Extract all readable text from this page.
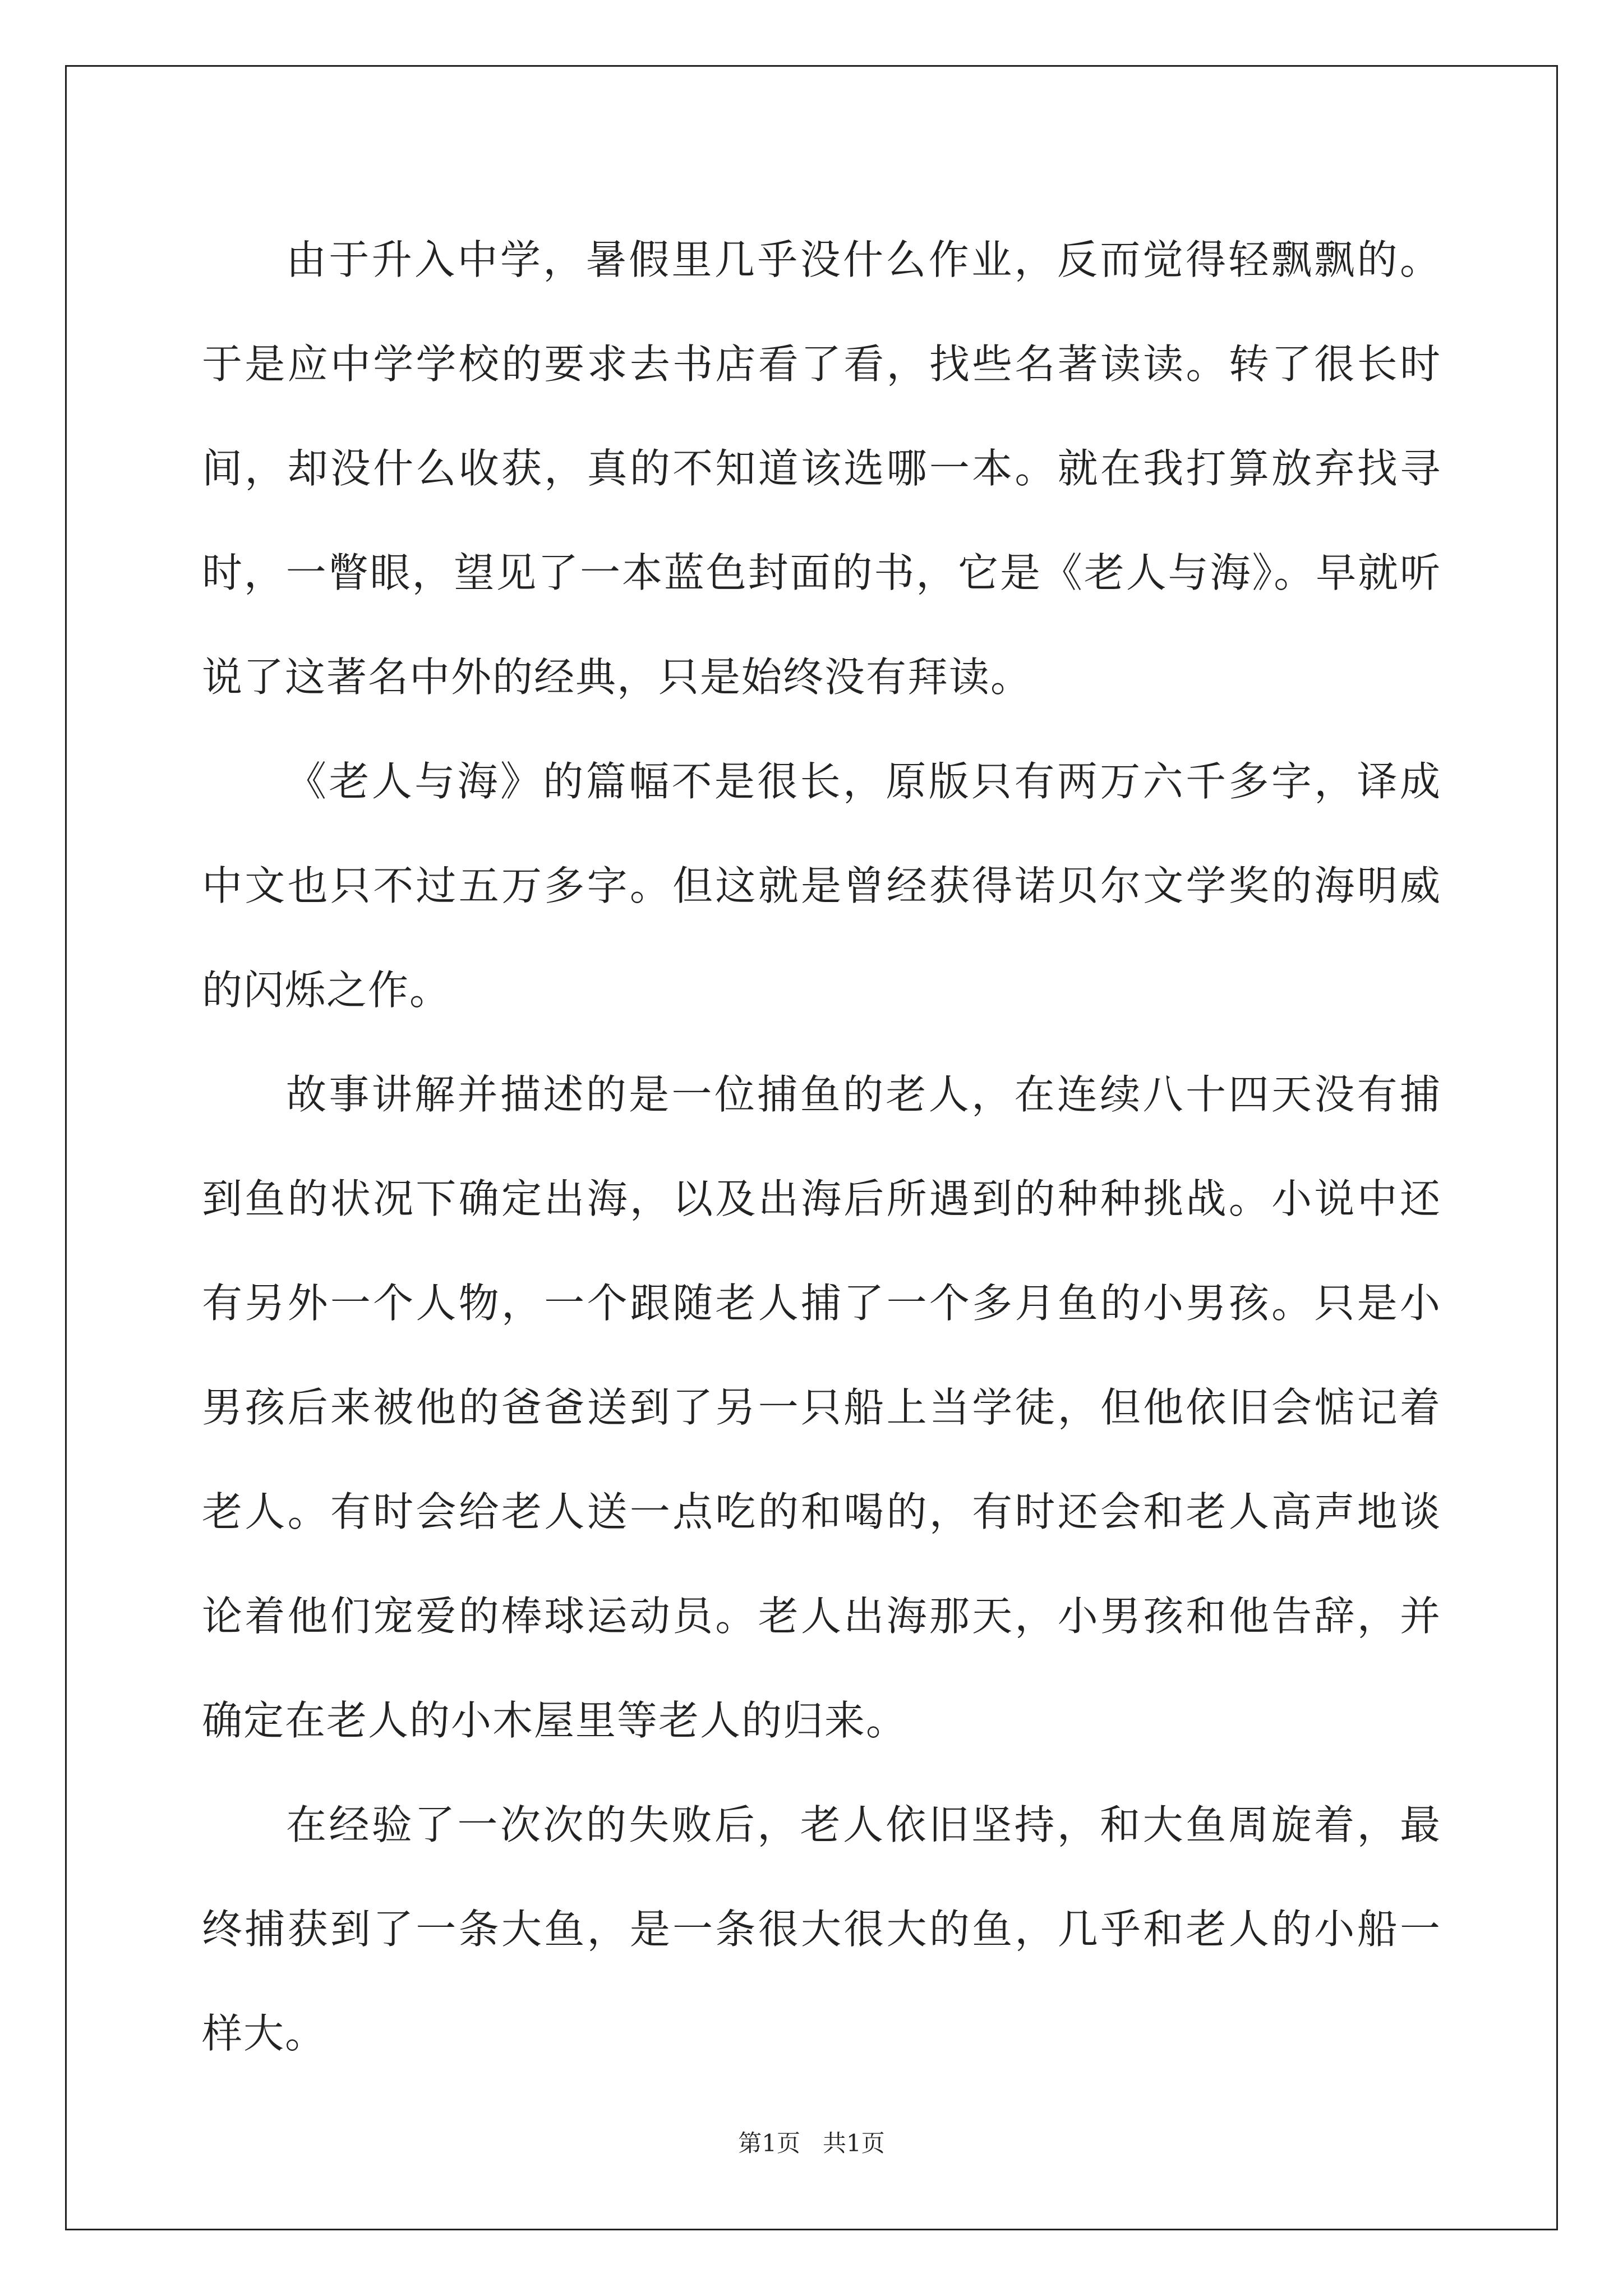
由于升入中学，暑假里几乎没什么作业，反而觉得轻飘飘的。于是应中学学校的要求去书店看了看，找些名著读读。转了很长时间，却没什么收获，真的不知道该选哪一本。就在我打算放弃找寻时，一瞥眼，望见了一本蓝色封面的书，它是《老人与海》。早就听说了这著名中外的经典，只是始终没有拜读。

《老人与海》的篇幅不是很长，原版只有两万六千多字，译成中文也只不过五万多字。但这就是曾经获得诺贝尔文学奖的海明威的闪烁之作。

故事讲解并描述的是一位捕鱼的老人，在连续八十四天没有捕到鱼的状况下确定出海，以及出海后所遇到的种种挑战。小说中还有另外一个人物，一个跟随老人捕了一个多月鱼的小男孩。只是小男孩后来被他的爸爸送到了另一只船上当学徒，但他依旧会惦记着老人。有时会给老人送一点吃的和喝的，有时还会和老人高声地谈论着他们宠爱的棒球运动员。老人出海那天，小男孩和他告辞，并确定在老人的小木屋里等老人的归来。

在经验了一次次的失败后，老人依旧坚持，和大鱼周旋着，最终捕获到了一条大鱼，是一条很大很大的鱼，几乎和老人的小船一样大。

第1页 共1页
